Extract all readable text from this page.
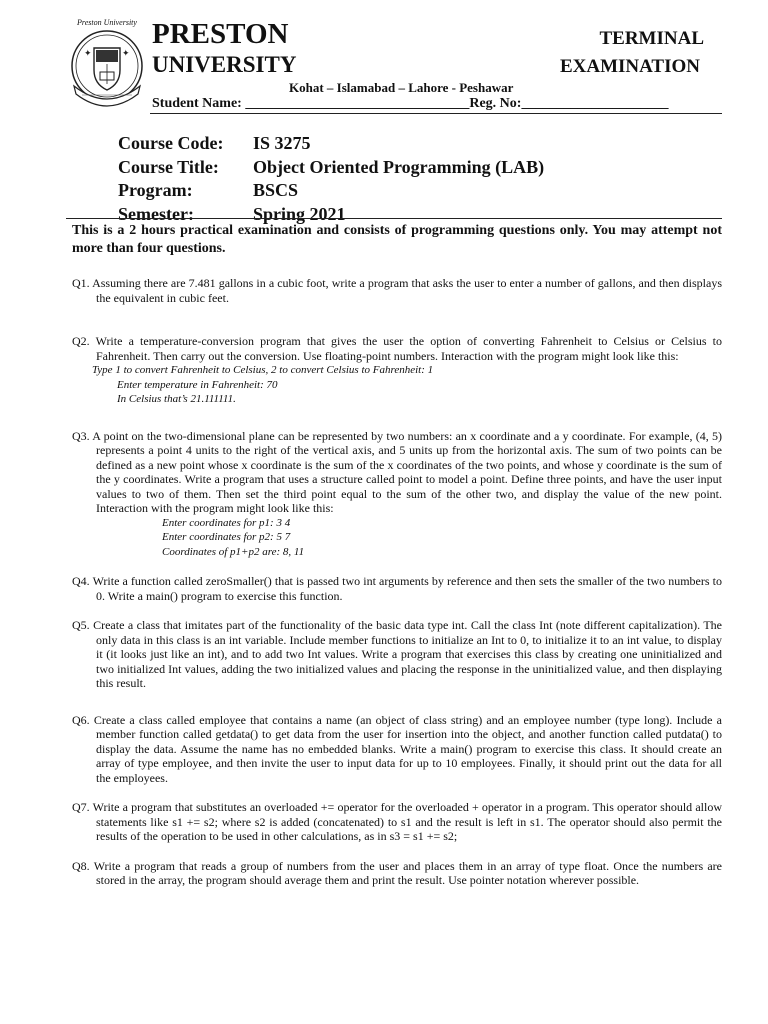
Preston University
✦	✦
PRESTON
UNIVERSITY
TERMINAL
EXAMINATION
Kohat – Islamabad – Lahore - Peshawar
Student Name: ________________________________Reg. No:_____________________
Course Code:	IS 3275
Course Title:	Object Oriented Programming (LAB)
Program:	BSCS
Semester:	Spring 2021
This is a 2 hours practical examination and consists of programming questions only. You may attempt not more than four questions.
Q1. Assuming there are 7.481 gallons in a cubic foot, write a program that asks the user to enter a number of gallons, and then displays the equivalent in cubic feet.
Q2. Write a temperature-conversion program that gives the user the option of converting Fahrenheit to Celsius or Celsius to Fahrenheit. Then carry out the conversion. Use floating-point numbers. Interaction with the program might look like this:
Type 1 to convert Fahrenheit to Celsius, 2 to convert Celsius to Fahrenheit: 1
Enter temperature in Fahrenheit: 70
In Celsius that’s 21.111111.
Q3. A point on the two-dimensional plane can be represented by two numbers: an x coordinate and a y coordinate. For example, (4, 5) represents a point 4 units to the right of the vertical axis, and 5 units up from the horizontal axis. The sum of two points can be defined as a new point whose x coordinate is the sum of the x coordinates of the two points, and whose y coordinate is the sum of the y coordinates. Write a program that uses a structure called point to model a point. Define three points, and have the user input values to two of them. Then set the third point equal to the sum of the other two, and display the value of the new point. Interaction with the program might look like this:
Enter coordinates for p1: 3 4
Enter coordinates for p2: 5 7
Coordinates of p1+p2 are: 8, 11
Q4. Write a function called zeroSmaller() that is passed two int arguments by reference and then sets the smaller of the two numbers to 0. Write a main() program to exercise this function.
Q5. Create a class that imitates part of the functionality of the basic data type int. Call the class Int (note different capitalization). The only data in this class is an int variable. Include member functions to initialize an Int to 0, to initialize it to an int value, to display it (it looks just like an int), and to add two Int values. Write a program that exercises this class by creating one uninitialized and two initialized Int values, adding the two initialized values and placing the response in the uninitialized value, and then displaying this result.
Q6. Create a class called employee that contains a name (an object of class string) and an employee number (type long). Include a member function called getdata() to get data from the user for insertion into the object, and another function called putdata() to display the data. Assume the name has no embedded blanks. Write a main() program to exercise this class. It should create an array of type employee, and then invite the user to input data for up to 10 employees. Finally, it should print out the data for all the employees.
Q7. Write a program that substitutes an overloaded += operator for the overloaded + operator in a program. This operator should allow statements like s1 += s2; where s2 is added (concatenated) to s1 and the result is left in s1. The operator should also permit the results of the operation to be used in other calculations, as in s3 = s1 += s2;
Q8. Write a program that reads a group of numbers from the user and places them in an array of type float. Once the numbers are stored in the array, the program should average them and print the result. Use pointer notation wherever possible.
